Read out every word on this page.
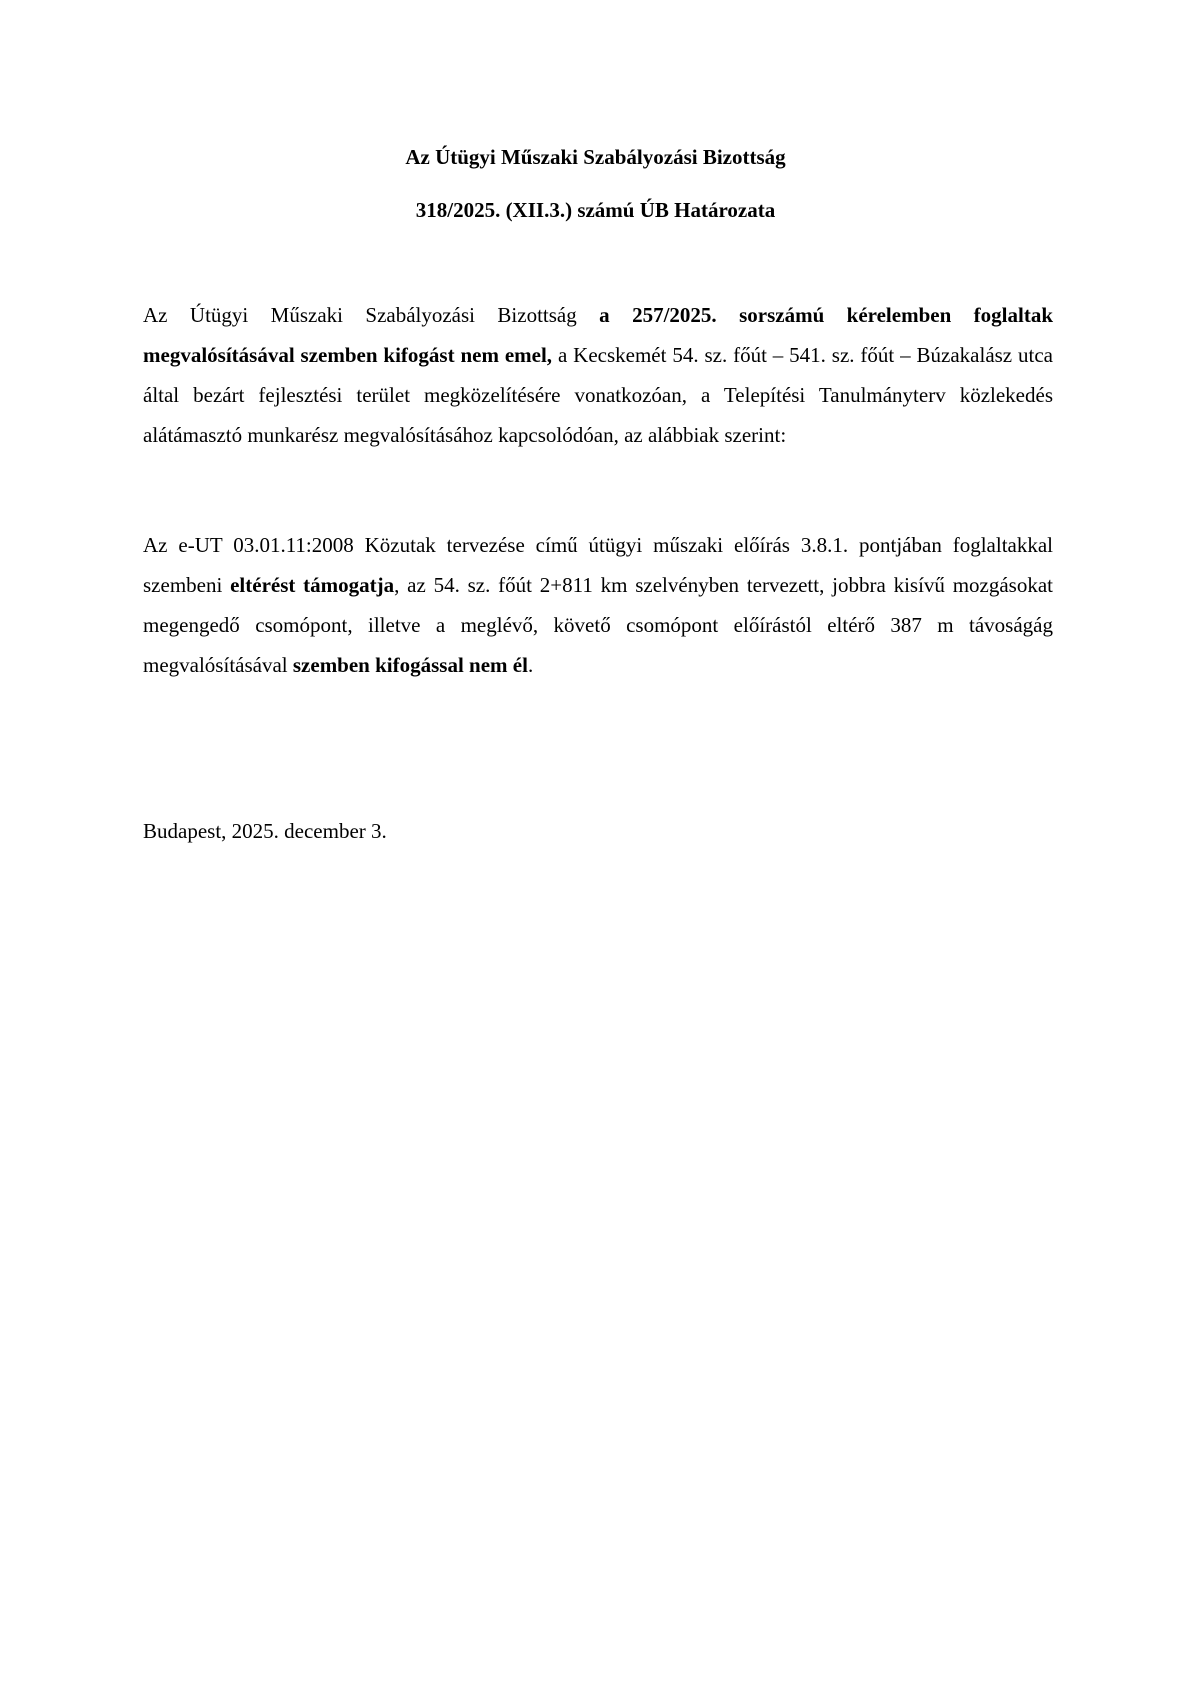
Az Útügyi Műszaki Szabályozási Bizottság
318/2025. (XII.3.) számú ÚB Határozata

Az Útügyi Műszaki Szabályozási Bizottság a 257/2025. sorszámú kérelemben foglaltak megvalósításával szemben kifogást nem emel, a Kecskemét 54. sz. főút – 541. sz. főút – Búzakalász utca által bezárt fejlesztési terület megközelítésére vonatkozóan, a Telepítési Tanulmányterv közlekedés alátámasztó munkarész megvalósításához kapcsolódóan, az alábbiak szerint:

Az e-UT 03.01.11:2008 Közutak tervezése című útügyi műszaki előírás 3.8.1. pontjában foglaltakkal szembeni eltérést támogatja, az 54. sz. főút 2+811 km szelvényben tervezett, jobbra kisívű mozgásokat megengedő csomópont, illetve a meglévő, követő csomópont előírástól eltérő 387 m távoságág megvalósításával szemben kifogással nem él.

Budapest, 2025. december 3.
